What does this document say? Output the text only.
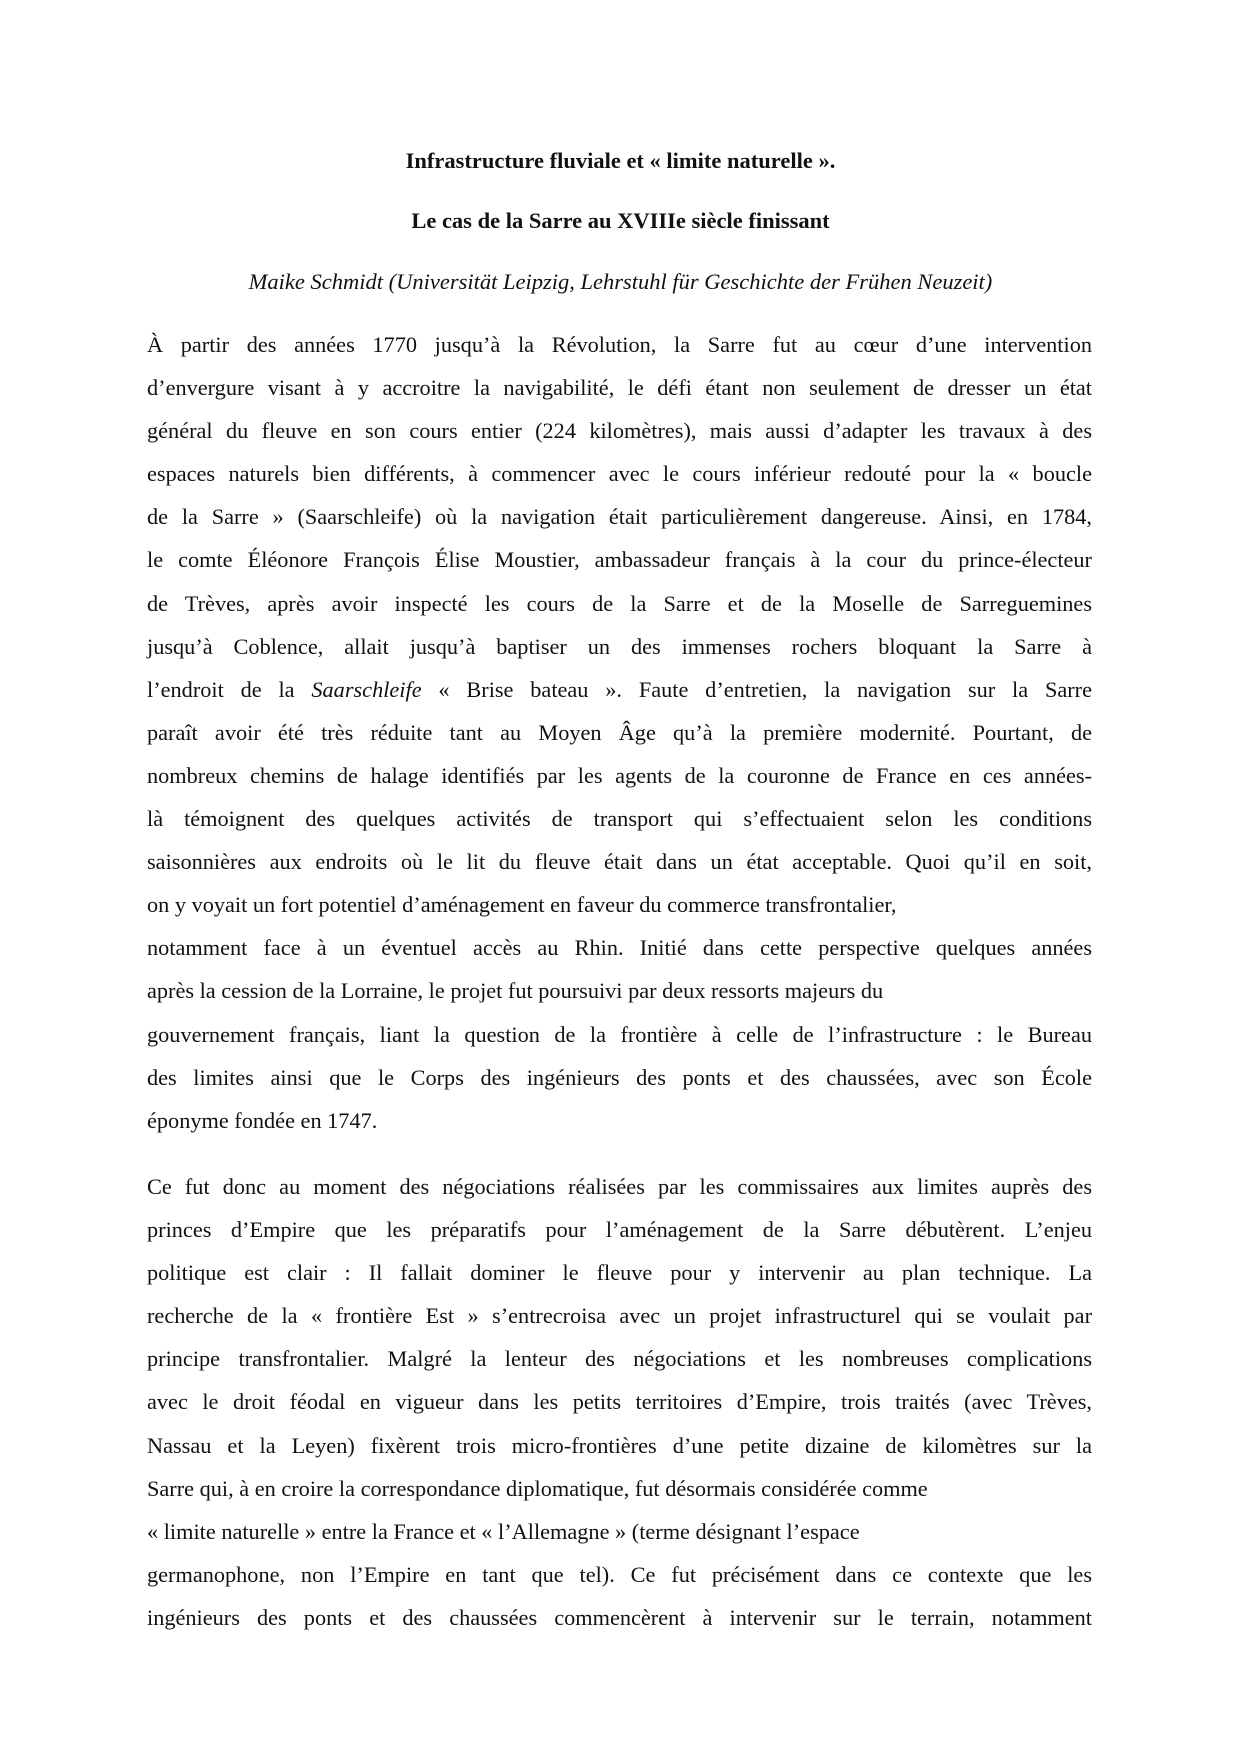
Infrastructure fluviale et « limite naturelle ».
Le cas de la Sarre au XVIIIe siècle finissant

Maike Schmidt (Universität Leipzig, Lehrstuhl für Geschichte der Frühen Neuzeit)

À partir des années 1770 jusqu’à la Révolution, la Sarre fut au cœur d’une intervention
d’envergure visant à y accroitre la navigabilité, le défi étant non seulement de dresser un état
général du fleuve en son cours entier (224 kilomètres), mais aussi d’adapter les travaux à des
espaces naturels bien différents, à commencer avec le cours inférieur redouté pour la « boucle
de la Sarre » (Saarschleife) où la navigation était particulièrement dangereuse. Ainsi, en 1784,
le comte Éléonore François Élise Moustier, ambassadeur français à la cour du prince-électeur
de Trèves, après avoir inspecté les cours de la Sarre et de la Moselle de Sarreguemines
jusqu’à Coblence, allait jusqu’à baptiser un des immenses rochers bloquant la Sarre à
l’endroit de la Saarschleife « Brise bateau ». Faute d’entretien, la navigation sur la Sarre
paraît avoir été très réduite tant au Moyen Âge qu’à la première modernité. Pourtant, de
nombreux chemins de halage identifiés par les agents de la couronne de France en ces années-
là témoignent des quelques activités de transport qui s’effectuaient selon les conditions
saisonnières aux endroits où le lit du fleuve était dans un état acceptable. Quoi qu’il en soit,
on y voyait un fort potentiel d’aménagement en faveur du commerce transfrontalier,
notamment face à un éventuel accès au Rhin. Initié dans cette perspective quelques années
après la cession de la Lorraine, le projet fut poursuivi par deux ressorts majeurs du
gouvernement français, liant la question de la frontière à celle de l’infrastructure : le Bureau
des limites ainsi que le Corps des ingénieurs des ponts et des chaussées, avec son École
éponyme fondée en 1747.

Ce fut donc au moment des négociations réalisées par les commissaires aux limites auprès des
princes d’Empire que les préparatifs pour l’aménagement de la Sarre débutèrent. L’enjeu
politique est clair : Il fallait dominer le fleuve pour y intervenir au plan technique. La
recherche de la « frontière Est » s’entrecroisa avec un projet infrastructurel qui se voulait par
principe transfrontalier. Malgré la lenteur des négociations et les nombreuses complications
avec le droit féodal en vigueur dans les petits territoires d’Empire, trois traités (avec Trèves,
Nassau et la Leyen) fixèrent trois micro-frontières d’une petite dizaine de kilomètres sur la
Sarre qui, à en croire la correspondance diplomatique, fut désormais considérée comme
« limite naturelle » entre la France et « l’Allemagne » (terme désignant l’espace
germanophone, non l’Empire en tant que tel). Ce fut précisément dans ce contexte que les
ingénieurs des ponts et des chaussées commencèrent à intervenir sur le terrain, notamment
